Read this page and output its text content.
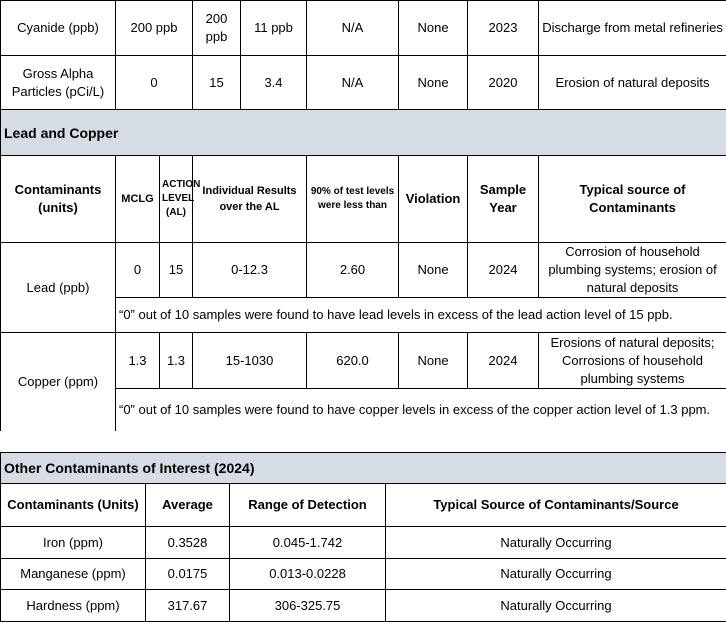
Cyanide (ppb)	200 ppb		200 ppb	11 ppb	N/A	None	2023	Discharge from metal refineries
Gross Alpha Particles (pCi/L)	0		15	3.4	N/A	None	2020	Erosion of natural deposits
Lead and Copper								
Contaminants (units)	MCLG	ACTION LEVEL (AL)	Individual Results over the AL		90% of test levels were less than	Violation	Sample Year	Typical source of Contaminants
Lead (ppb)	0	15	0-12.3		2.60	None	2024	Corrosion of household plumbing systems; erosion of natural deposits
	“0” out of 10 samples were found to have lead levels in excess of the lead action level of 15 ppb.							
Copper (ppm)	1.3	1.3	15-1030		620.0	None	2024	Erosions of natural deposits; Corrosions of household plumbing systems
	“0” out of 10 samples were found to have copper levels in excess of the copper action level of 1.3 ppm.							
Other Contaminants of Interest (2024)			
Contaminants (Units)	Average	Range of Detection	Typical Source of Contaminants/Source
Iron (ppm)	0.3528	0.045-1.742	Naturally Occurring
Manganese (ppm)	0.0175	0.013-0.0228	Naturally Occurring
Hardness (ppm)	317.67	306-325.75	Naturally Occurring
